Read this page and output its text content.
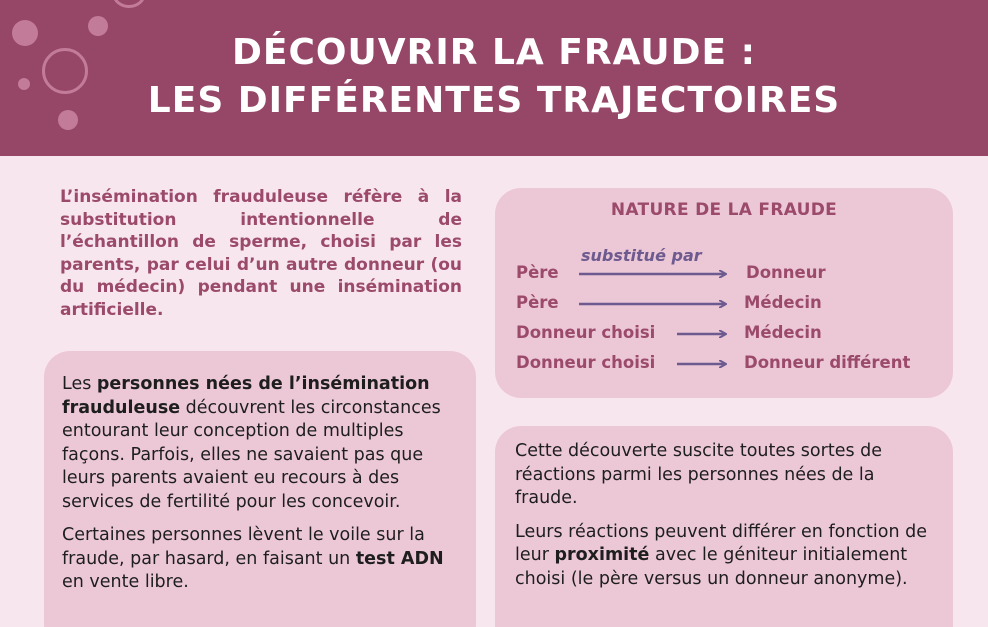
DÉCOUVRIR LA FRAUDE :
LES DIFFÉRENTES TRAJECTOIRES
L’insémination frauduleuse réfère à la substitution intentionnelle de l’échantillon de sperme, choisi par les parents, par celui d’un autre donneur (ou du médecin) pendant une insémination artificielle.

Les personnes nées de l’insémination frauduleuse découvrent les circonstances entourant leur conception de multiples façons. Parfois, elles ne savaient pas que leurs parents avaient eu recours à des services de fertilité pour les concevoir.

Certaines personnes lèvent le voile sur la fraude, par hasard, en faisant un test ADN en vente libre.

NATURE DE LA FRAUDE
substitué par
Père	Donneur
Père	Médecin
Donneur choisi	Médecin
Donneur choisi	Donneur différent

Cette découverte suscite toutes sortes de réactions parmi les personnes nées de la fraude.

Leurs réactions peuvent différer en fonction de leur proximité avec le géniteur initialement choisi (le père versus un donneur anonyme).
